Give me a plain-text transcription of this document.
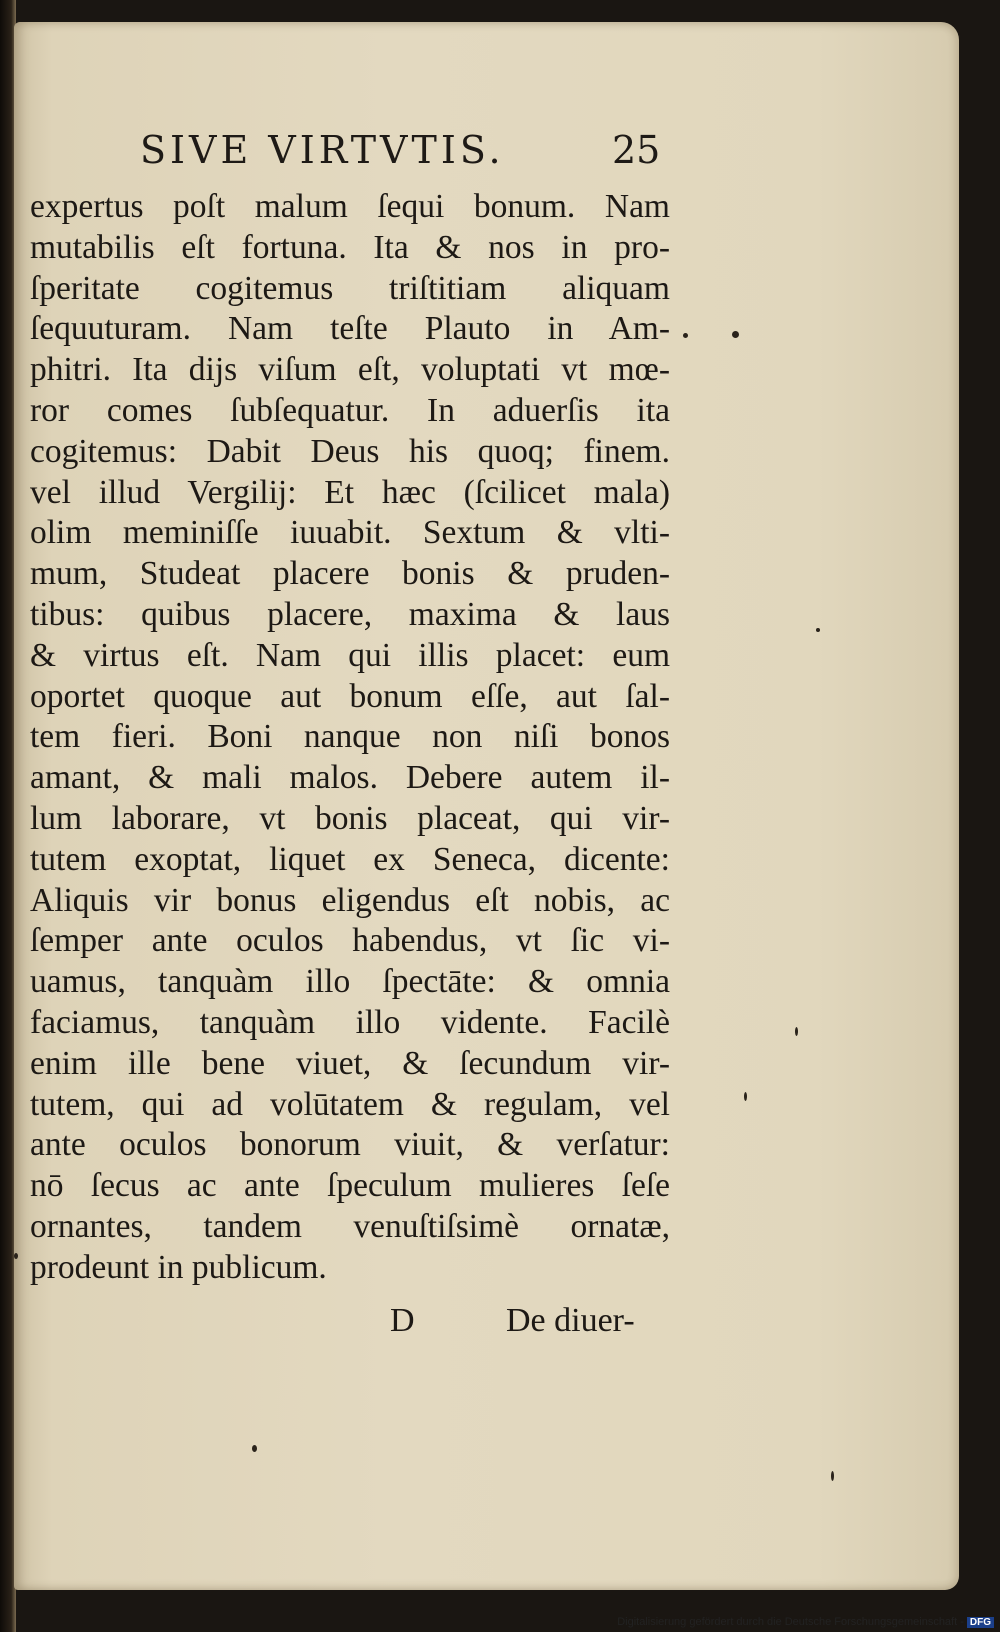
SIVE VIRTVTIS.	25
expertus poſt malum ſequi bonum. Nam
mutabilis eſt fortuna. Ita & nos in pro-
ſperitate cogitemus triſtitiam aliquam
ſequuturam. Nam teſte Plauto in Am-
phitri. Ita dijs viſum eſt, voluptati vt mœ-
ror comes ſubſequatur. In aduerſis ita
cogitemus: Dabit Deus his quoq; finem.
vel illud Vergilij: Et hæc (ſcilicet mala)
olim meminiſſe iuuabit. Sextum & vlti-
mum, Studeat placere bonis & pruden-
tibus: quibus placere, maxima & laus
& virtus eſt. Nam qui illis placet: eum
oportet quoque aut bonum eſſe, aut ſal-
tem fieri. Boni nanque non niſi bonos
amant, & mali malos. Debere autem il-
lum laborare, vt bonis placeat, qui vir-
tutem exoptat, liquet ex Seneca, dicente:
Aliquis vir bonus eligendus eſt nobis, ac
ſemper ante oculos habendus, vt ſic vi-
uamus, tanquàm illo ſpectāte: & omnia
faciamus, tanquàm illo vidente. Facilè
enim ille bene viuet, & ſecundum vir-
tutem, qui ad volūtatem & regulam, vel
ante oculos bonorum viuit, & verſatur:
nō ſecus ac ante ſpeculum mulieres ſeſe
ornantes, tandem venuſtiſsimè ornatæ,
prodeunt in publicum.
D	De diuer-
Digitalisierung gefördert durch die Deutsche Forschungsgemeinschaft - DFG
